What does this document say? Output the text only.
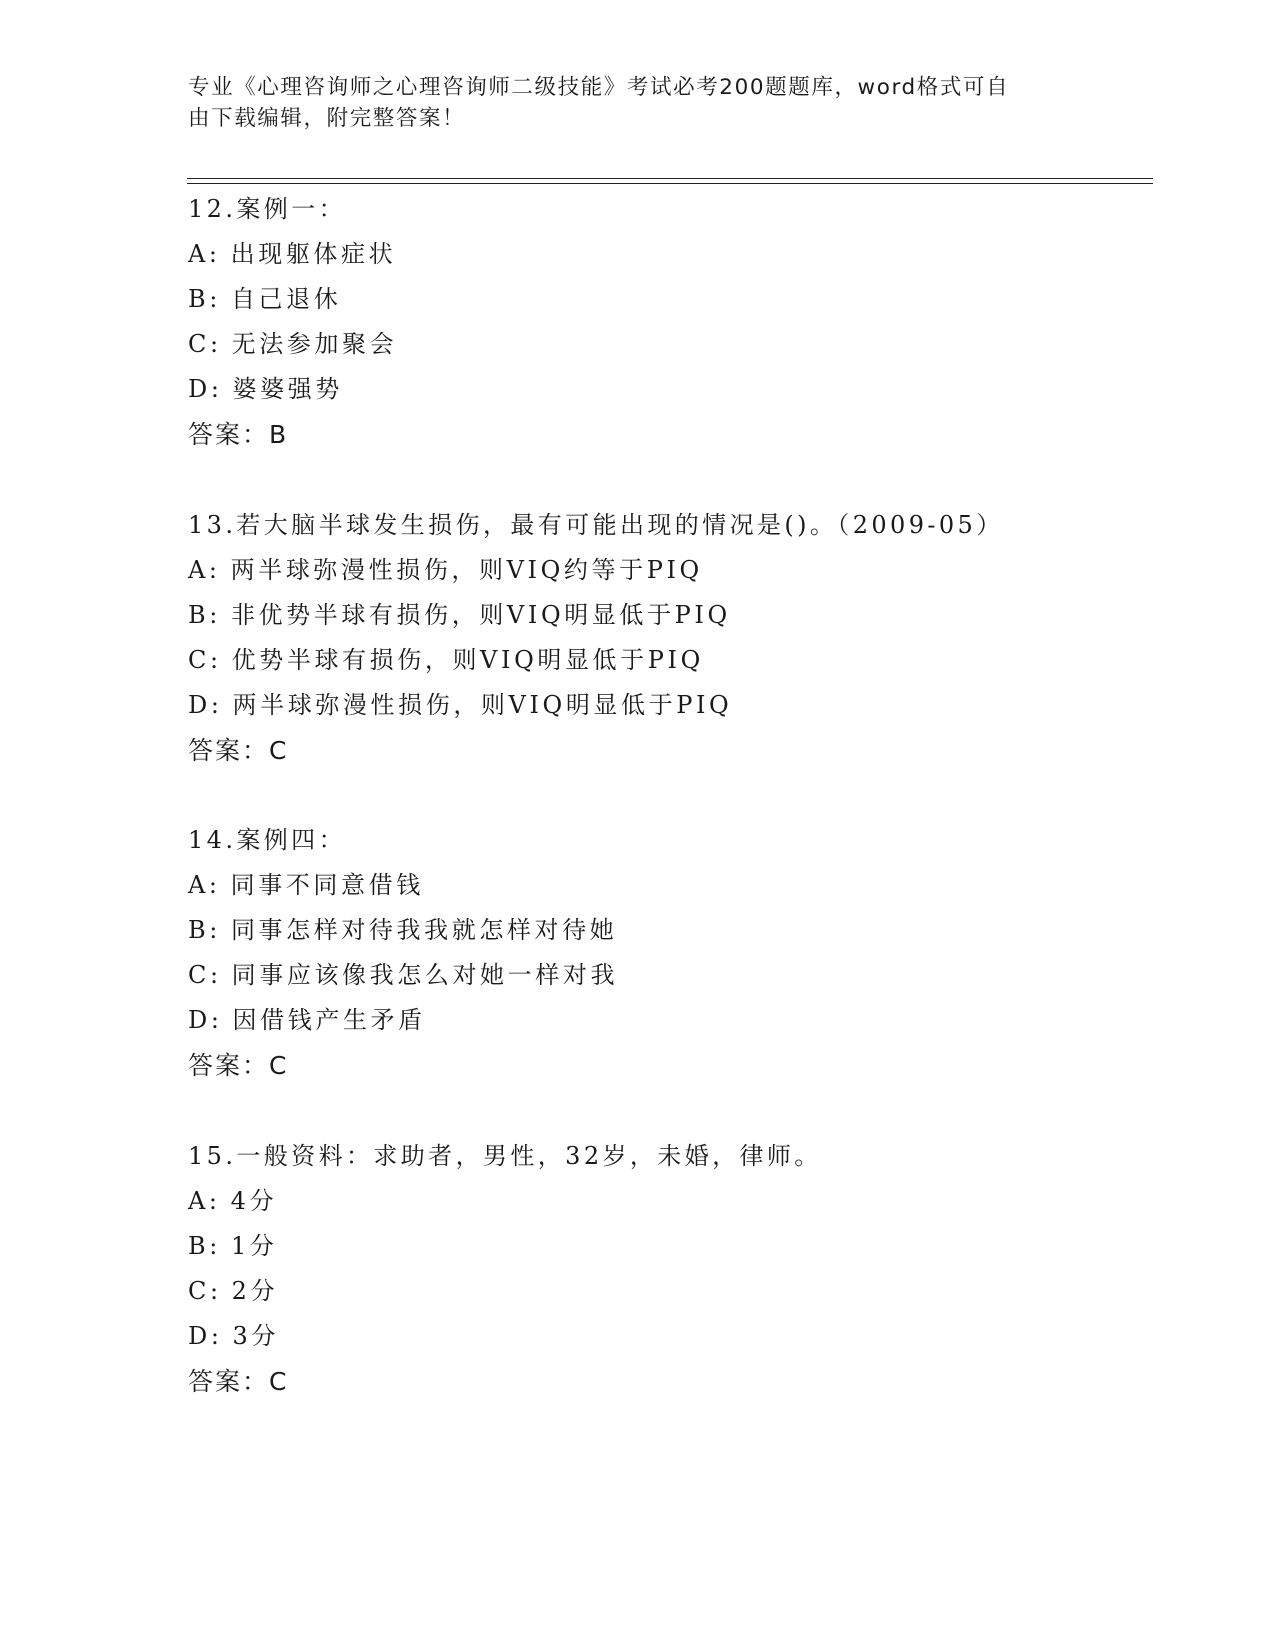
专业《心理咨询师之心理咨询师二级技能》考试必考200题题库，word格式可自
由下载编辑，附完整答案！
12.案例一：
A: 出现躯体症状
B: 自己退休
C: 无法参加聚会
D: 婆婆强势
答案：B
13.若大脑半球发生损伤，最有可能出现的情况是()。（2009-05）
A: 两半球弥漫性损伤，则VIQ约等于PIQ
B: 非优势半球有损伤，则VIQ明显低于PIQ
C: 优势半球有损伤，则VIQ明显低于PIQ
D: 两半球弥漫性损伤，则VIQ明显低于PIQ
答案：C
14.案例四：
A: 同事不同意借钱
B: 同事怎样对待我我就怎样对待她
C: 同事应该像我怎么对她一样对我
D: 因借钱产生矛盾
答案：C
15.一般资料：求助者，男性，32岁，未婚，律师。
A: 4分
B: 1分
C: 2分
D: 3分
答案：C
